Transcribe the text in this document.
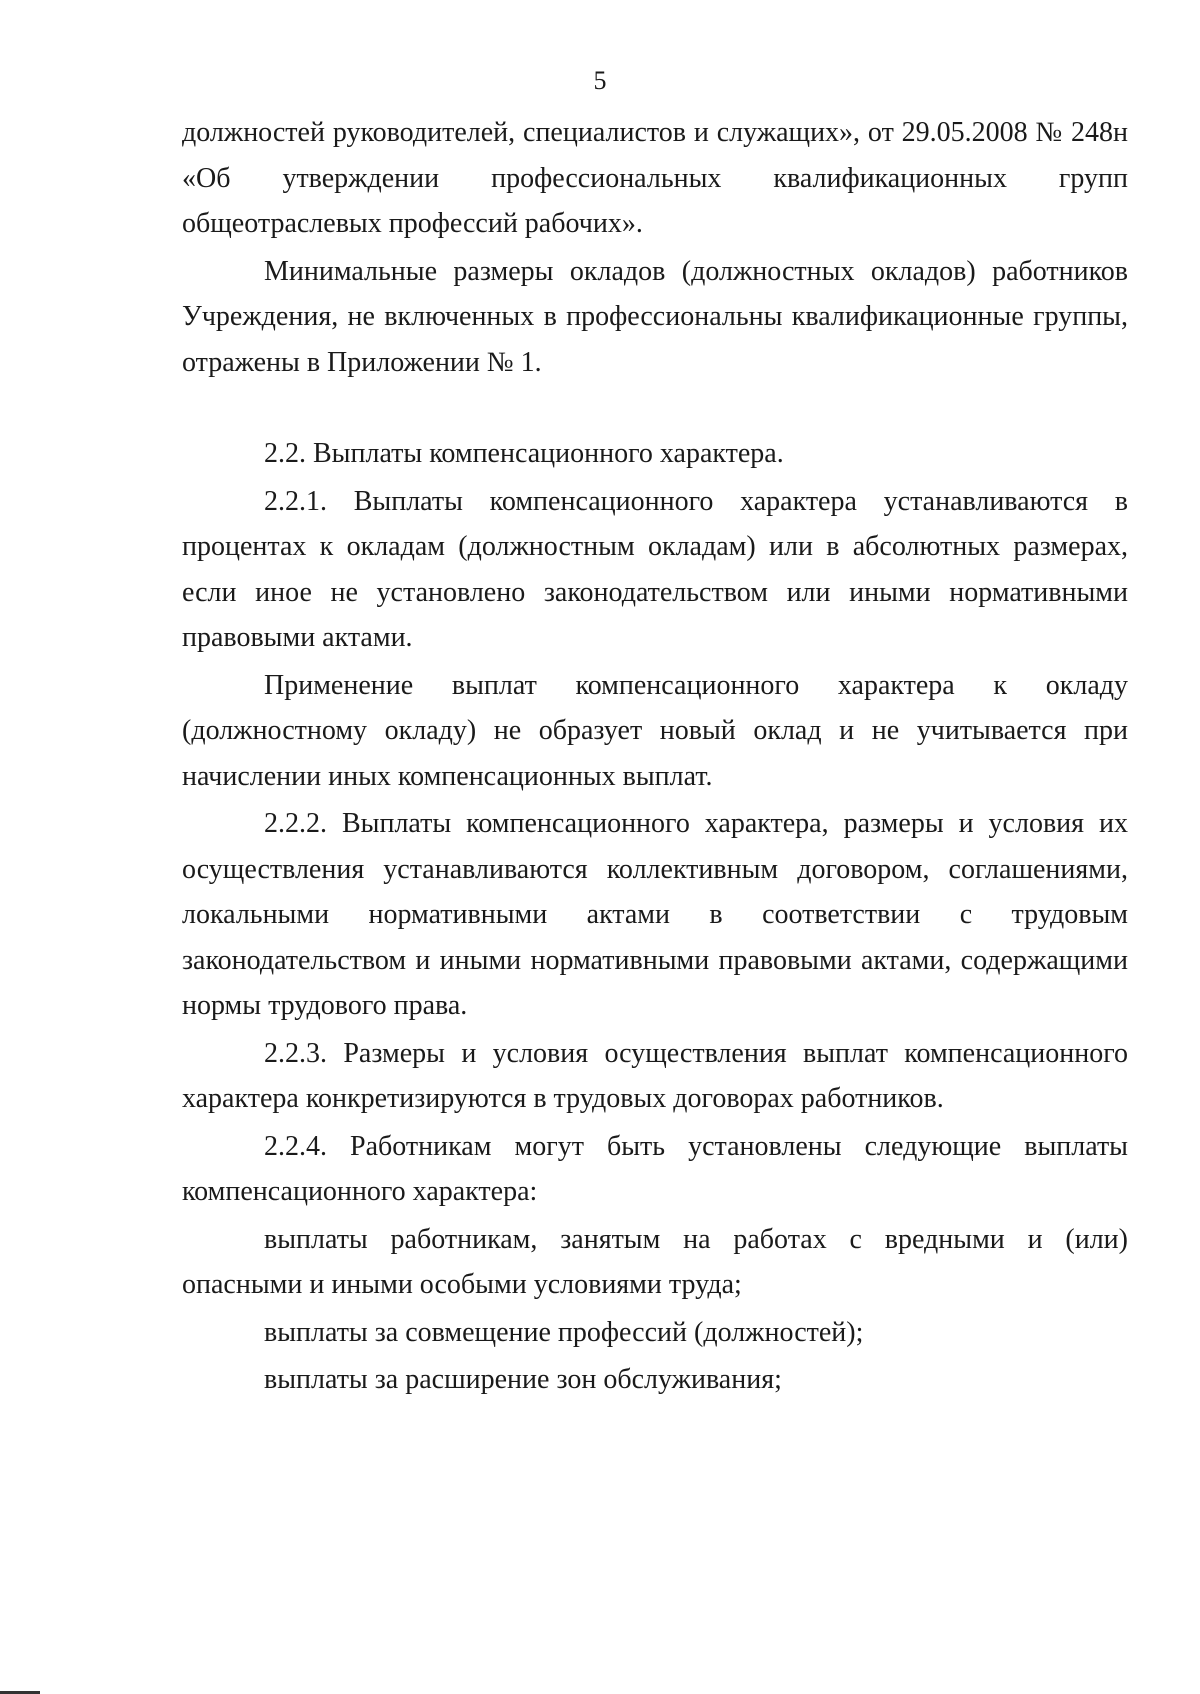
5

должностей руководителей, специалистов и служащих», от 29.05.2008 № 248н «Об утверждении профессиональных квалификационных групп общеотраслевых профессий рабочих».

Минимальные размеры окладов (должностных окладов) работников Учреждения, не включенных в профессиональны квалификационные группы, отражены в Приложении № 1.

2.2. Выплаты компенсационного характера.

2.2.1. Выплаты компенсационного характера устанавливаются в процентах к окладам (должностным окладам) или в абсолютных размерах, если иное не установлено законодательством или иными нормативными правовыми актами.

Применение выплат компенсационного характера к окладу (должностному окладу) не образует новый оклад и не учитывается при начислении иных компенсационных выплат.

2.2.2. Выплаты компенсационного характера, размеры и условия их осуществления устанавливаются коллективным договором, соглашениями, локальными нормативными актами в соответствии с трудовым законодательством и иными нормативными правовыми актами, содержащими нормы трудового права.

2.2.3. Размеры и условия осуществления выплат компенсационного характера конкретизируются в трудовых договорах работников.

2.2.4. Работникам могут быть установлены следующие выплаты компенсационного характера:

выплаты работникам, занятым на работах с вредными и (или) опасными и иными особыми условиями труда;

выплаты за совмещение профессий (должностей);

выплаты за расширение зон обслуживания;
